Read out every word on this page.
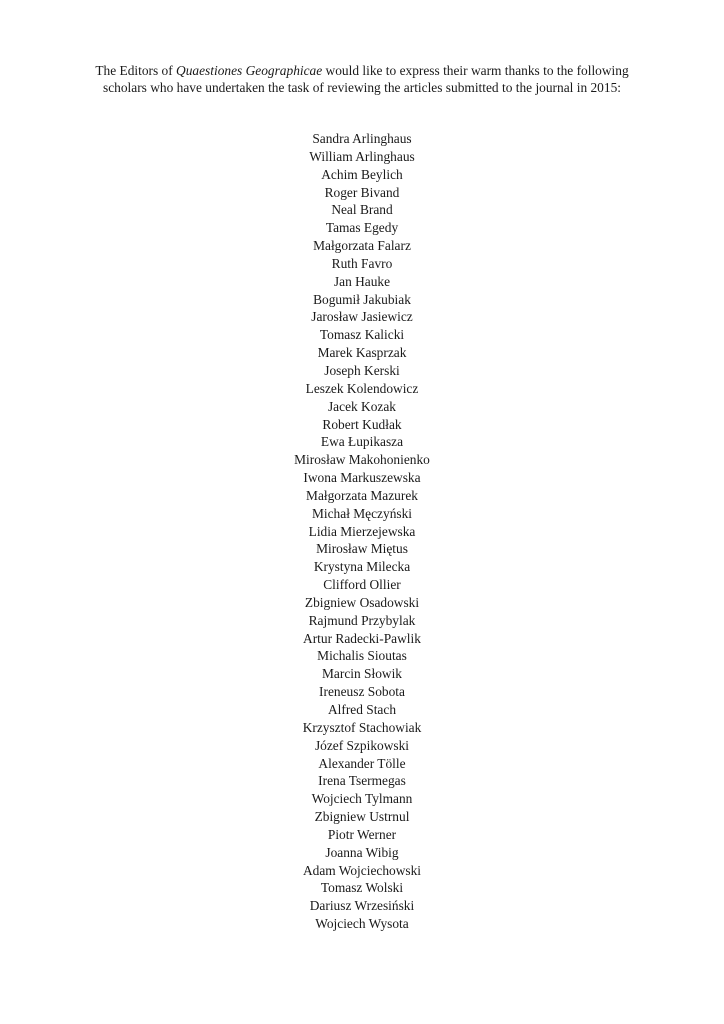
The Editors of Quaestiones Geographicae would like to express their warm thanks to the following
scholars who have undertaken the task of reviewing the articles submitted to the journal in 2015:
Sandra Arlinghaus
William Arlinghaus
Achim Beylich
Roger Bivand
Neal Brand
Tamas Egedy
Małgorzata Falarz
Ruth Favro
Jan Hauke
Bogumił Jakubiak
Jarosław Jasiewicz
Tomasz Kalicki
Marek Kasprzak
Joseph Kerski
Leszek Kolendowicz
Jacek Kozak
Robert Kudłak
Ewa Łupikasza
Mirosław Makohonienko
Iwona Markuszewska
Małgorzata Mazurek
Michał Męczyński
Lidia Mierzejewska
Mirosław Miętus
Krystyna Milecka
Clifford Ollier
Zbigniew Osadowski
Rajmund Przybylak
Artur Radecki-Pawlik
Michalis Sioutas
Marcin Słowik
Ireneusz Sobota
Alfred Stach
Krzysztof Stachowiak
Józef Szpikowski
Alexander Tölle
Irena Tsermegas
Wojciech Tylmann
Zbigniew Ustrnul
Piotr Werner
Joanna Wibig
Adam Wojciechowski
Tomasz Wolski
Dariusz Wrzesiński
Wojciech Wysota
